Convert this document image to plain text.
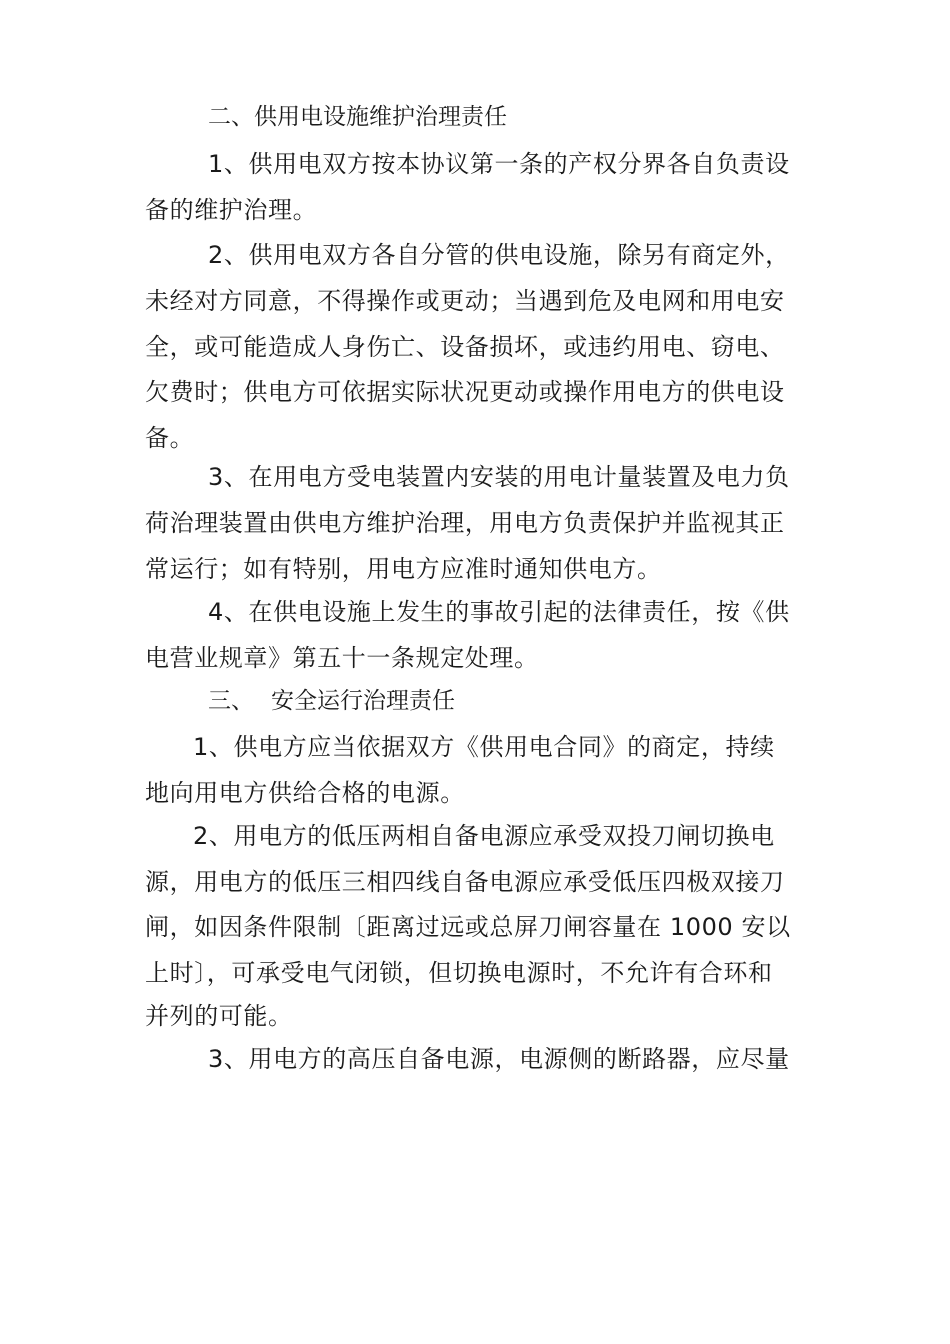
二、供用电设施维护治理责任
1、供用电双方按本协议第一条的产权分界各自负责设
备的维护治理。
2、供用电双方各自分管的供电设施，除另有商定外，
未经对方同意，不得操作或更动；当遇到危及电网和用电安
全，或可能造成人身伤亡、设备损坏，或违约用电、窃电、
欠费时；供电方可依据实际状况更动或操作用电方的供电设
备。
3、在用电方受电装置内安装的用电计量装置及电力负
荷治理装置由供电方维护治理，用电方负责保护并监视其正
常运行；如有特别，用电方应准时通知供电方。
4、在供电设施上发生的事故引起的法律责任，按《供
电营业规章》第五十一条规定处理。
三、 安全运行治理责任
1、供电方应当依据双方《供用电合同》的商定，持续
地向用电方供给合格的电源。
2、用电方的低压两相自备电源应承受双投刀闸切换电
源，用电方的低压三相四线自备电源应承受低压四极双接刀
闸，如因条件限制〔距离过远或总屏刀闸容量在 1000 安以
上时〕，可承受电气闭锁，但切换电源时，不允许有合环和
并列的可能。
3、用电方的高压自备电源，电源侧的断路器，应尽量
